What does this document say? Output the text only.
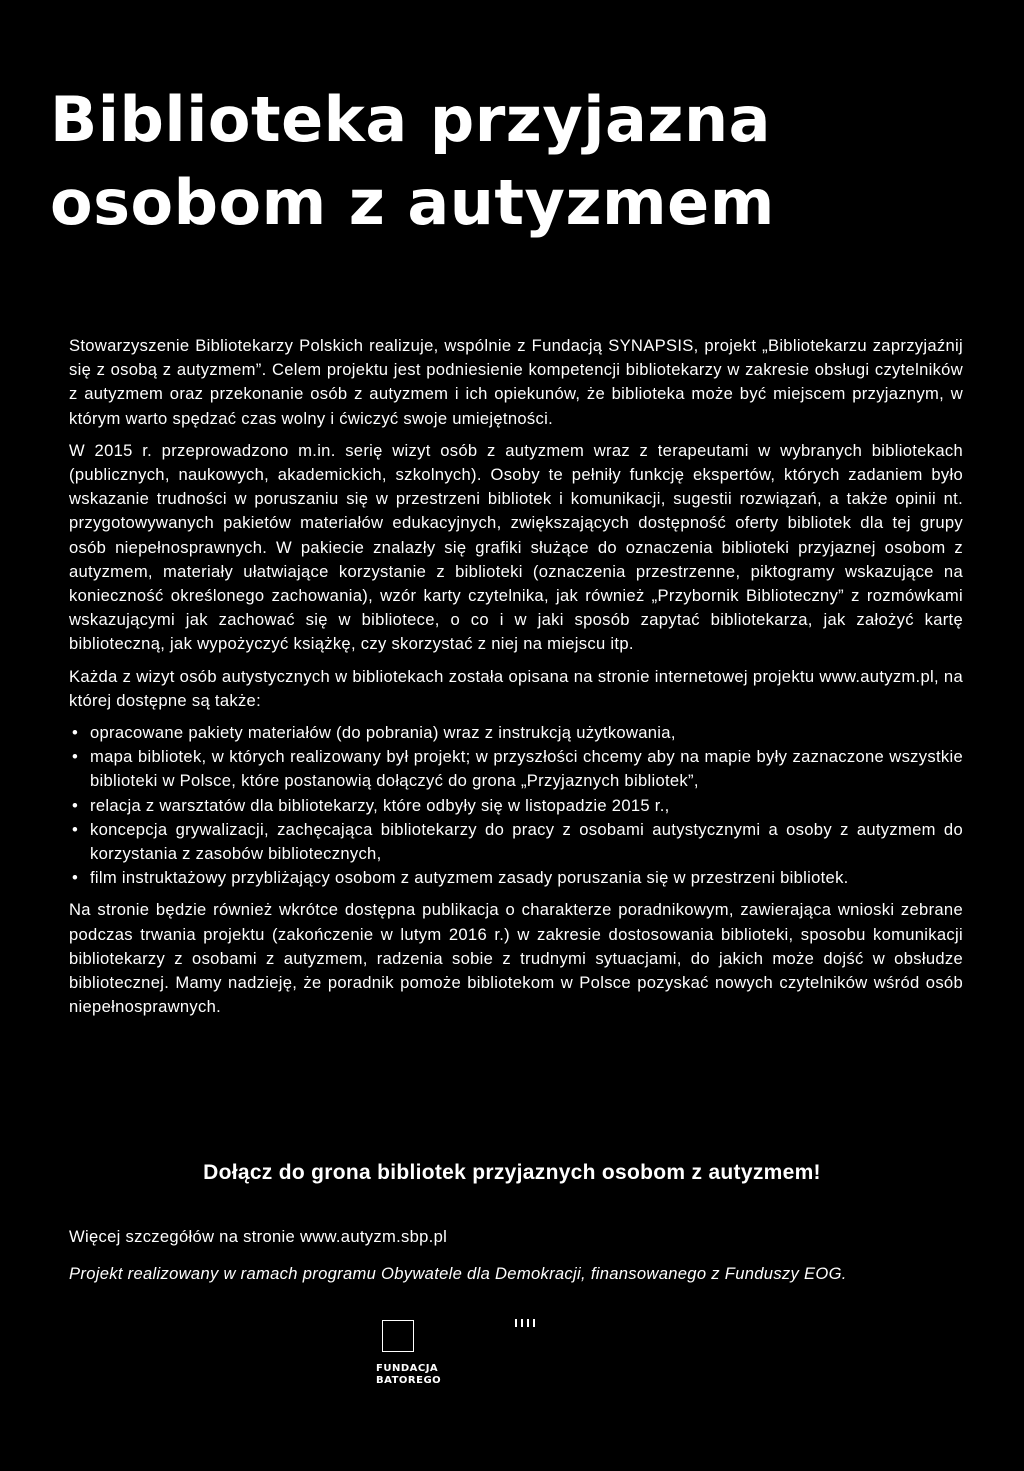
Biblioteka przyjazna
osobom z autyzmem

Stowarzyszenie Bibliotekarzy Polskich realizuje, wspólnie z Fundacją SYNAPSIS, projekt „Bibliotekarzu zaprzyjaźnij się z osobą z autyzmem”. Celem projektu jest podniesienie kompetencji bibliotekarzy w zakresie obsługi czytelników z autyzmem oraz przekonanie osób z autyzmem i ich opiekunów, że biblioteka może być miejscem przyjaznym, w którym warto spędzać czas wolny i ćwiczyć swoje umiejętności.

W 2015 r. przeprowadzono m.in. serię wizyt osób z autyzmem wraz z terapeutami w wybranych bibliotekach (publicznych, naukowych, akademickich, szkolnych). Osoby te pełniły funkcję ekspertów, których zadaniem było wskazanie trudności w poruszaniu się w przestrzeni bibliotek i komunikacji, sugestii rozwiązań, a także opinii nt. przygotowywanych pakietów materiałów edukacyjnych, zwiększających dostępność oferty bibliotek dla tej grupy osób niepełnosprawnych. W pakiecie znalazły się grafiki służące do oznaczenia biblioteki przyjaznej osobom z autyzmem, materiały ułatwiające korzystanie z biblioteki (oznaczenia przestrzenne, piktogramy wskazujące na konieczność określonego zachowania), wzór karty czytelnika, jak również „Przybornik Biblioteczny” z rozmówkami wskazującymi jak zachować się w bibliotece, o co i w jaki sposób zapytać bibliotekarza, jak założyć kartę biblioteczną, jak wypożyczyć książkę, czy skorzystać z niej na miejscu itp.

Każda z wizyt osób autystycznych w bibliotekach została opisana na stronie internetowej projektu www.autyzm.pl, na której dostępne są także:

• opracowane pakiety materiałów (do pobrania) wraz z instrukcją użytkowania,
• mapa bibliotek, w których realizowany był projekt; w przyszłości chcemy aby na mapie były zaznaczone wszystkie biblioteki w Polsce, które postanowią dołączyć do grona „Przyjaznych bibliotek”,
• relacja z warsztatów dla bibliotekarzy, które odbyły się w listopadzie 2015 r.,
• koncepcja grywalizacji, zachęcająca bibliotekarzy do pracy z osobami autystycznymi a osoby z autyzmem do korzystania z zasobów bibliotecznych,
• film instruktażowy przybliżający osobom z autyzmem zasady poruszania się w przestrzeni bibliotek.

Na stronie będzie również wkrótce dostępna publikacja o charakterze poradnikowym, zawierająca wnioski zebrane podczas trwania projektu (zakończenie w lutym 2016 r.) w zakresie dostosowania biblioteki, sposobu komunikacji bibliotekarzy z osobami z autyzmem, radzenia sobie z trudnymi sytuacjami, do jakich może dojść w obsłudze bibliotecznej. Mamy nadzieję, że poradnik pomoże bibliotekom w Polsce pozyskać nowych czytelników wśród osób niepełnosprawnych.

Dołącz do grona bibliotek przyjaznych osobom z autyzmem!
Więcej szczegółów na stronie www.autyzm.sbp.pl
Projekt realizowany w ramach programu Obywatele dla Demokracji, finansowanego z Funduszy EOG.
FUNDACJA
BATOREGO
